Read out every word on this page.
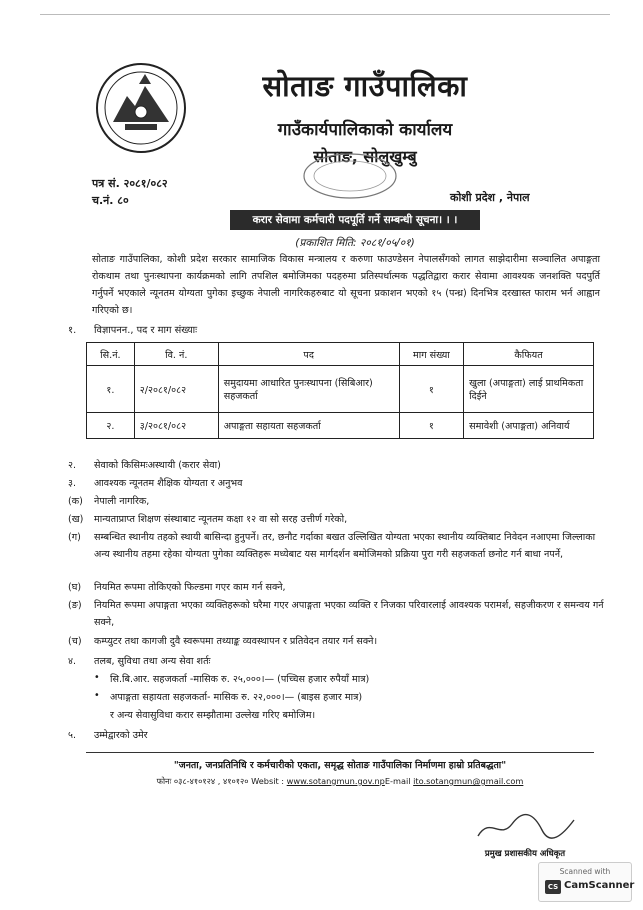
सोताङ गाउँपालिका
गाउँकार्यपालिकाको कार्यालय
सोताङ, सोलुखुम्बु
पत्र सं. २०८१/०८२
च.नं. ८०	कोशी प्रदेश , नेपाल
करार सेवामा कर्मचारी पदपूर्ति गर्ने सम्बन्धी सूचना। । ।
(प्रकाशित मिति: २०८१/०५/०१)
सोताङ गाउँपालिका, कोशी प्रदेश सरकार सामाजिक विकास मन्त्रालय र करुणा फाउण्डेसन नेपालसँगको लागत साझेदारीमा सञ्चालित अपाङ्गता रोकथाम तथा पुनःस्थापना कार्यक्रमको लागि तपशिल बमोजिमका पदहरुमा प्रतिस्पर्धात्मक पद्धतिद्वारा करार सेवामा आवश्यक जनशक्ति पदपुर्ति गर्नुपर्ने भएकाले न्यूनतम योग्यता पुगेका इच्छुक नेपाली नागरिकहरुबाट यो सूचना प्रकाशन भएको १५ (पन्ध्र) दिनभित्र दरखास्त फाराम भर्न आह्वान गरिएको छ।
१. विज्ञापनन., पद र माग संख्याः
सि.नं.	वि. नं.	पद	माग संख्या	कैफियत
१.	२/२०८१/०८२	समुदायमा आधारित पुनःस्थापना (सिबिआर) सहजकर्ता	१	खुला (अपाङ्गता) लाई प्राथमिकता दिईने
२.	३/२०८१/०८२	अपाङ्गता सहायता सहजकर्ता	१	समावेशी (अपाङ्गता) अनिवार्य
२. सेवाको किसिमःअस्थायी (करार सेवा)
३. आवश्यक न्यूनतम शैक्षिक योग्यता र अनुभव
(क) नेपाली नागरिक,
(ख) मान्यताप्राप्त शिक्षण संस्थाबाट न्यूनतम कक्षा १२ वा सो सरह उत्तीर्ण गरेको,
(ग) सम्बन्धित स्थानीय तहको स्थायी बासिन्दा हुनुपर्ने। तर, छनौट गर्दाका बखत उल्लिखित योग्यता भएका स्थानीय व्यक्तिबाट निवेदन नआएमा जिल्लाका अन्य स्थानीय तहमा रहेका योग्यता पुगेका व्यक्तिहरू मध्येबाट यस मार्गदर्शन बमोजिमको प्रक्रिया पुरा गरी सहजकर्ता छनोट गर्न बाधा नपर्ने,
(घ) नियमित रूपमा तोकिएको फिल्डमा गएर काम गर्न सक्ने,
(ङ) नियमित रूपमा अपाङ्गता भएका व्यक्तिहरूको घरैमा गएर अपाङ्गता भएका व्यक्ति र निजका परिवारलाई आवश्यक परामर्श, सहजीकरण र समन्वय गर्न सक्ने,
(च) कम्प्युटर तथा कागजी दुवै स्वरूपमा तथ्याङ्क व्यवस्थापन र प्रतिवेदन तयार गर्न सक्ने।
४. तलब, सुविधा तथा अन्य सेवा शर्तः
• सि.बि.आर. सहजकर्ता -मासिक रु. २५,०००।— (पच्चिस हजार रुपैयाँ मात्र)
• अपाङ्गता सहायता सहजकर्ता- मासिक रु. २२,०००।— (बाइस हजार मात्र)
र अन्य सेवासुविधा करार सम्झौतामा उल्लेख गरिए बमोजिम।
५. उम्मेद्वारको उमेर
"जनता, जनप्रतिनिधि र कर्मचारीको एकता, समृद्ध सोताङ गाउँपालिका निर्माणमा हाम्रो प्रतिबद्धता"
फोनः ०३८-४१०१२४ , ४१०१२० Websit : www.sotangmun.gov.npE-mail ito.sotangmun@gmail.com
प्रमुख प्रशासकीय अधिकृत
Scanned with
CS CamScanner
